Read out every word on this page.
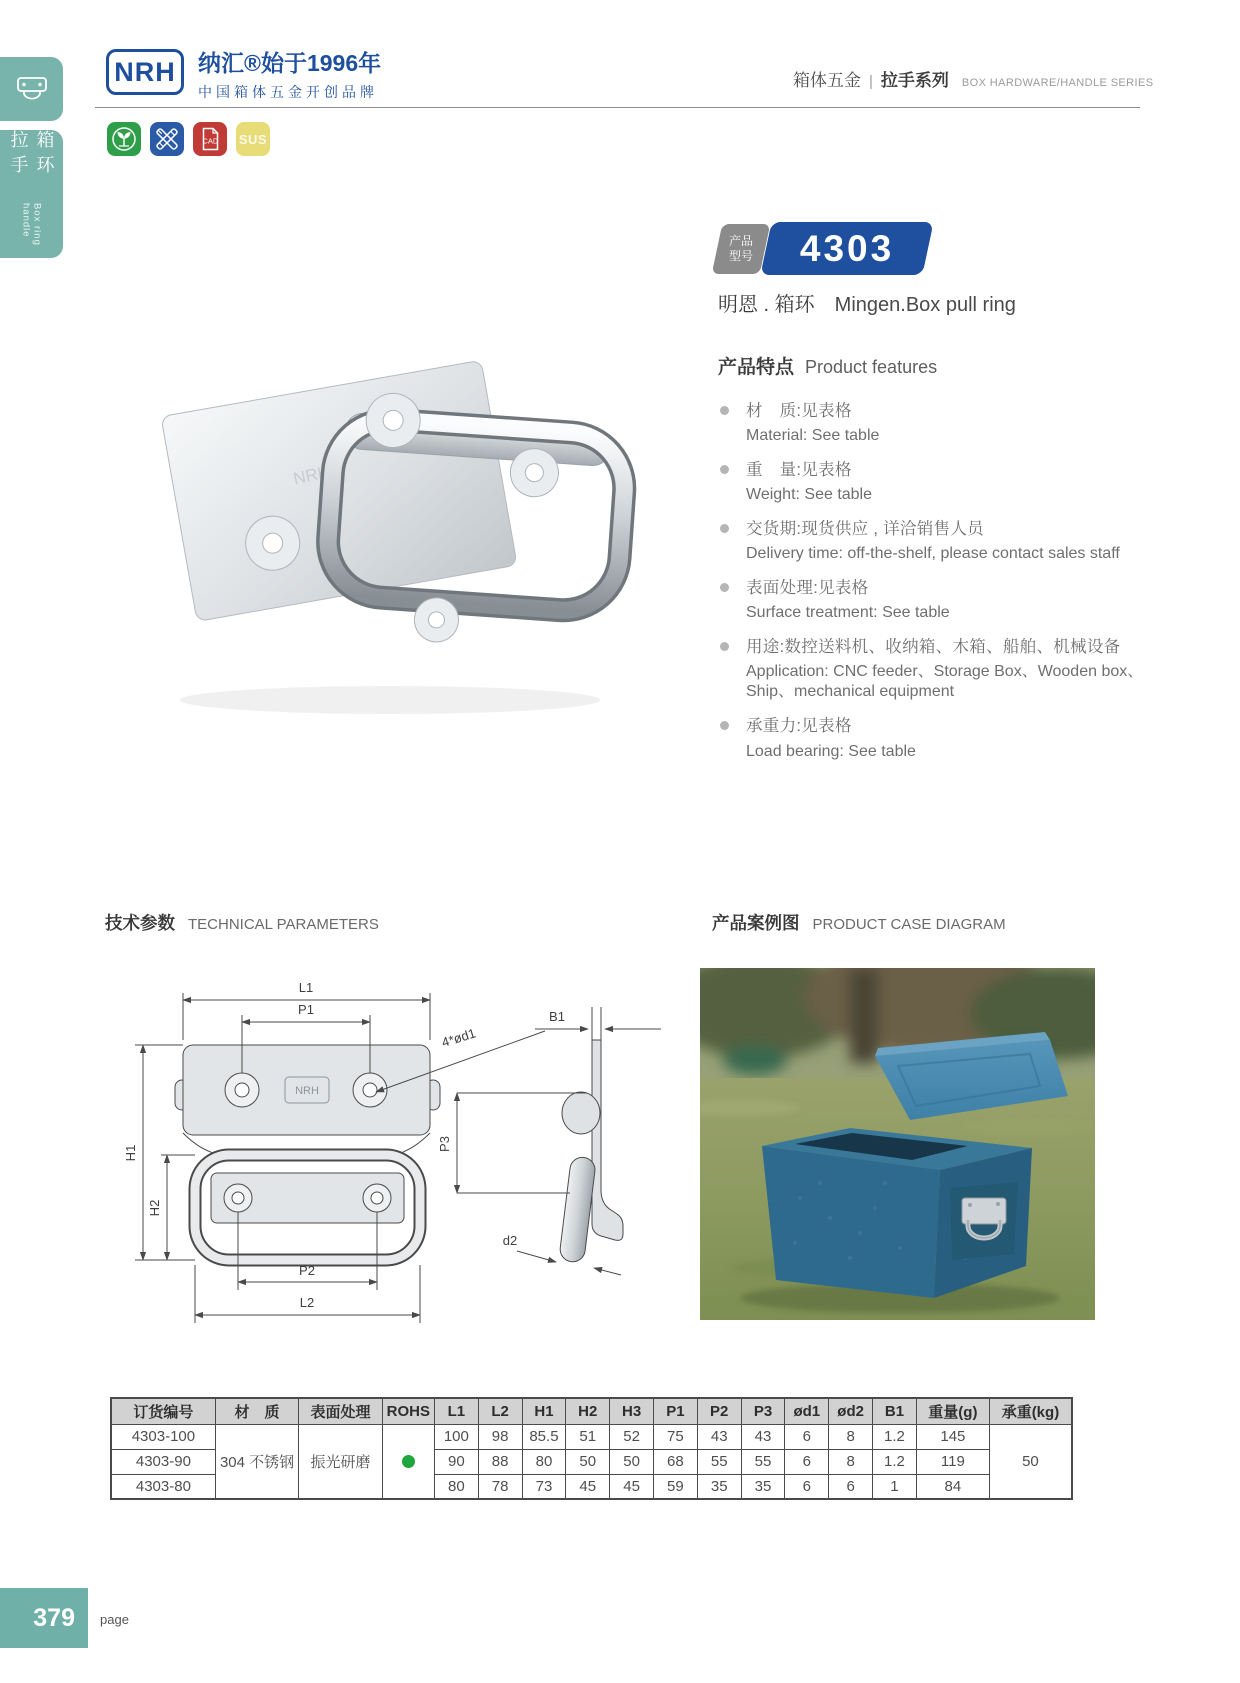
箱环拉手
Box ring handle
NRH 纳汇®始于1996年
中国箱体五金开创品牌
箱体五金 | 拉手系列 BOX HARDWARE/HANDLE SERIES
CAD SUS
产品
型号 4303
明恩 . 箱环 Mingen.Box pull ring
产品特点 Product features
材　质:见表格
Material: See table
重　量:见表格
Weight: See table
交货期:现货供应 , 详洽销售人员
Delivery time: off-the-shelf, please contact sales staff
表面处理:见表格
Surface treatment: See table
用途:数控送料机、收纳箱、木箱、船舶、机械设备
Application: CNC feeder、Storage Box、Wooden box、Ship、mechanical equipment
承重力:见表格
Load bearing: See table
NRH
技术参数 TECHNICAL PARAMETERS	产品案例图 PRODUCT CASE DIAGRAM
NRH
L1
P1
H1
H2
P2
L2
4*ød1
B1
P3
d2
订货编号	材　质	表面处理	ROHS	L1	L2	H1	H2	H3	P1	P2	P3	ød1	ød2	B1	重量(g)	承重(kg)
4303-100	304 不锈钢	振光研磨		100	98	85.5	51	52	75	43	43	6	8	1.2	145	50
4303-90				90	88	80	50	50	68	55	55	6	8	1.2	119	
4303-80				80	78	73	45	45	59	35	35	6	6	1	84	
379	page
